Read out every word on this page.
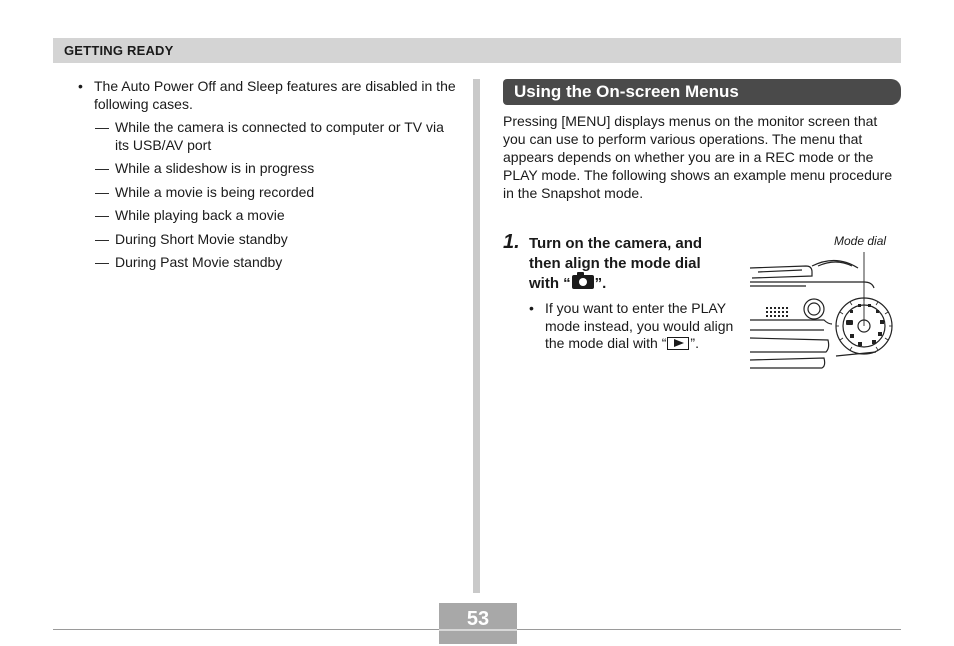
GETTING READY
• The Auto Power Off and Sleep features are disabled in the following cases.
— While the camera is connected to computer or TV via its USB/AV port
— While a slideshow is in progress
— While a movie is being recorded
— While playing back a movie
— During Short Movie standby
— During Past Movie standby
Using the On-screen Menus
Pressing [MENU] displays menus on the monitor screen that you can use to perform various operations. The menu that appears depends on whether you are in a REC mode or the PLAY mode. The following shows an example menu procedure in the Snapshot mode.
1. Turn on the camera, and then align the mode dial with “ ”.
• If you want to enter the PLAY mode instead, you would align the mode dial with “ ”.
Mode dial
53
